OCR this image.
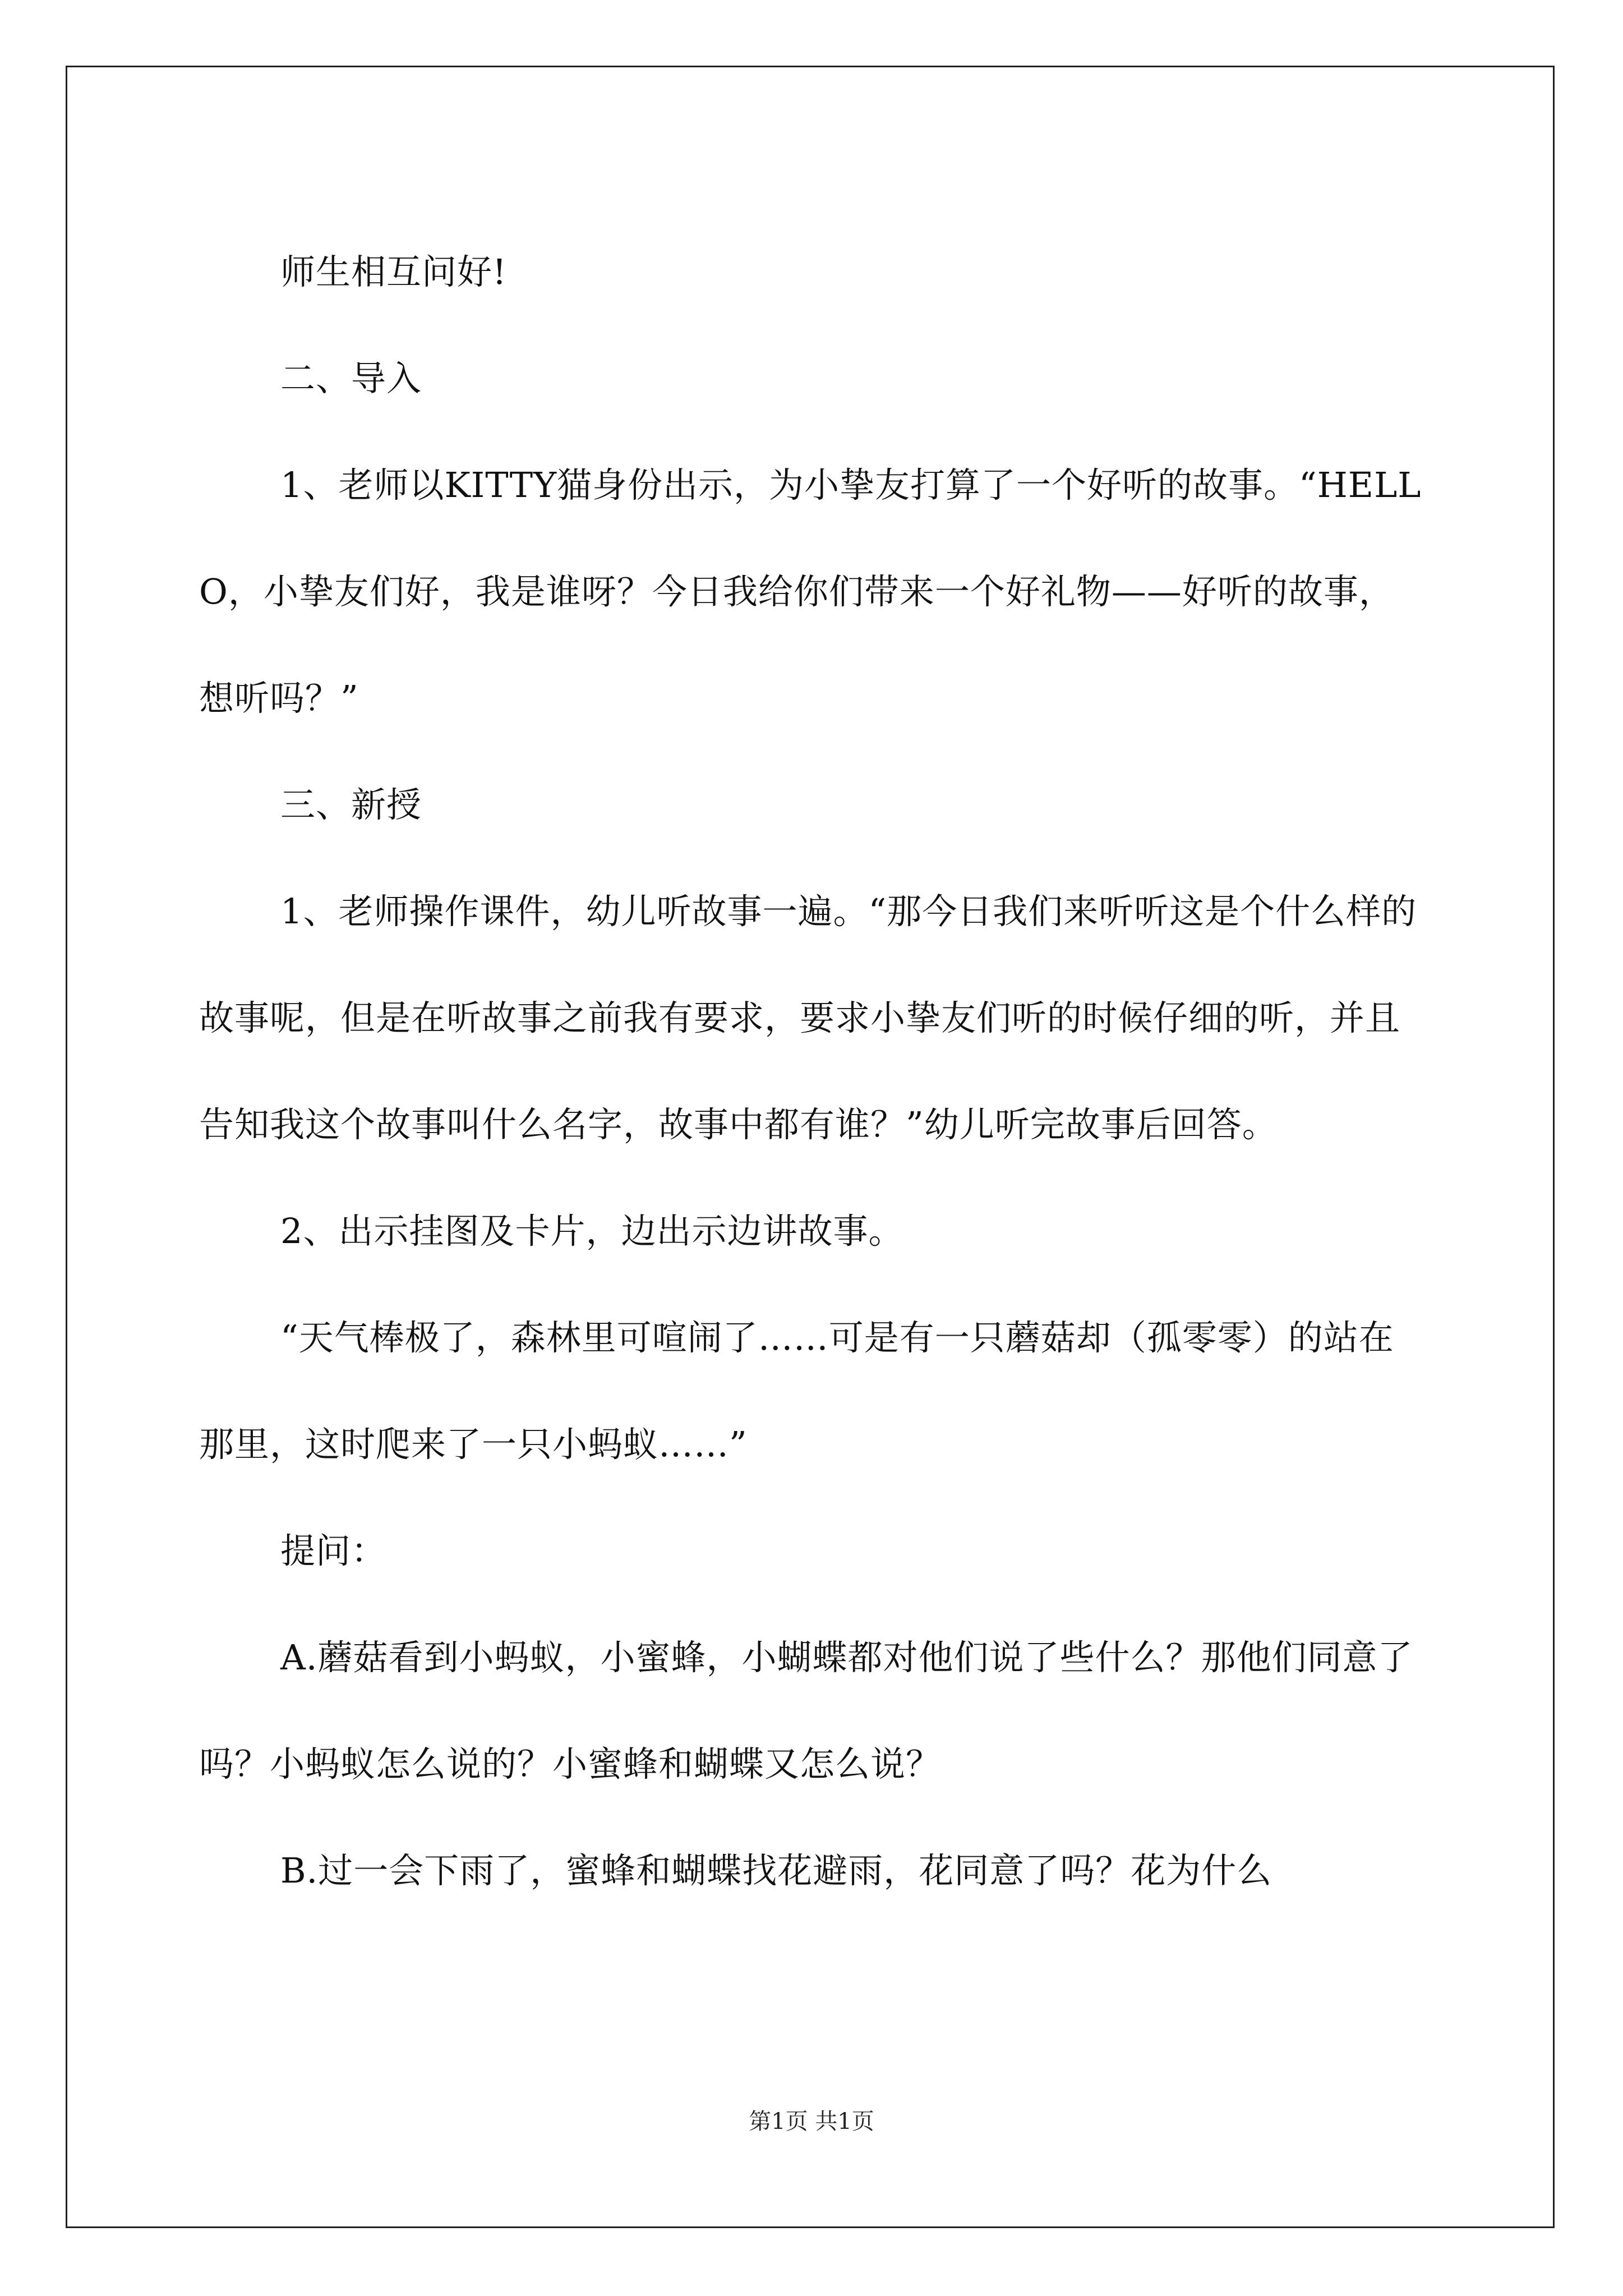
师生相互问好!

二、导入

1、老师以KITTY猫身份出示，为小挚友打算了一个好听的故事。“HELLO，小挚友们好，我是谁呀？今日我给你们带来一个好礼物——好听的故事，想听吗？”

三、新授

1、老师操作课件，幼儿听故事一遍。“那今日我们来听听这是个什么样的故事呢，但是在听故事之前我有要求，要求小挚友们听的时候仔细的听，并且告知我这个故事叫什么名字，故事中都有谁？”幼儿听完故事后回答。

2、出示挂图及卡片，边出示边讲故事。

“天气棒极了，森林里可喧闹了……可是有一只蘑菇却（孤零零）的站在那里，这时爬来了一只小蚂蚁……”

提问：

A.蘑菇看到小蚂蚁，小蜜蜂，小蝴蝶都对他们说了些什么？那他们同意了吗？小蚂蚁怎么说的？小蜜蜂和蝴蝶又怎么说？

B.过一会下雨了，蜜蜂和蝴蝶找花避雨，花同意了吗？花为什么

第1页 共1页
